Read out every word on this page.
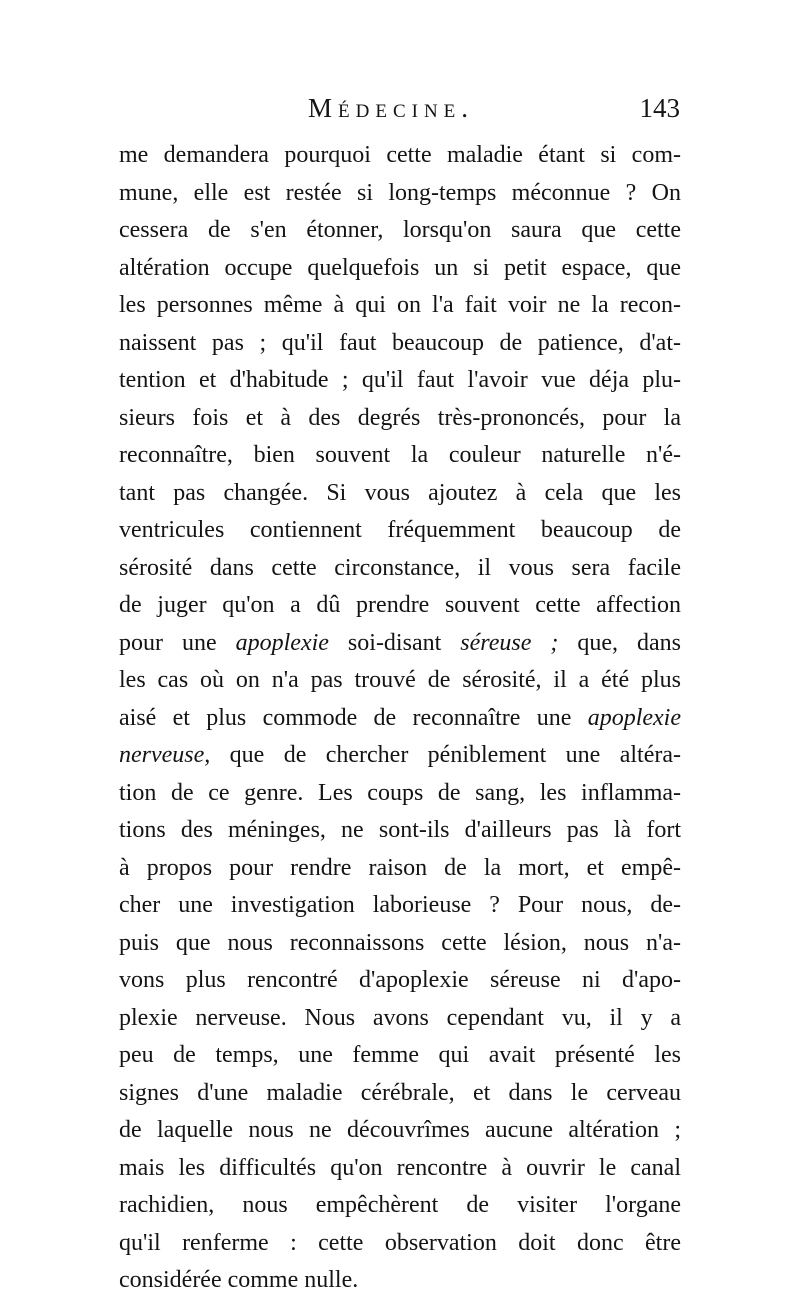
Médecine.	143
me demandera pourquoi cette maladie étant si com-
mune, elle est restée si long-temps méconnue ? On
cessera de s'en étonner, lorsqu'on saura que cette
altération occupe quelquefois un si petit espace, que
les personnes même à qui on l'a fait voir ne la recon-
naissent pas ; qu'il faut beaucoup de patience, d'at-
tention et d'habitude ; qu'il faut l'avoir vue déja plu-
sieurs fois et à des degrés très-prononcés, pour la
reconnaître, bien souvent la couleur naturelle n'é-
tant pas changée. Si vous ajoutez à cela que les
ventricules contiennent fréquemment beaucoup de
sérosité dans cette circonstance, il vous sera facile
de juger qu'on a dû prendre souvent cette affection
pour une apoplexie soi-disant séreuse ; que, dans
les cas où on n'a pas trouvé de sérosité, il a été plus
aisé et plus commode de reconnaître une apoplexie
nerveuse, que de chercher péniblement une altéra-
tion de ce genre. Les coups de sang, les inflamma-
tions des méninges, ne sont-ils d'ailleurs pas là fort
à propos pour rendre raison de la mort, et empê-
cher une investigation laborieuse ? Pour nous, de-
puis que nous reconnaissons cette lésion, nous n'a-
vons plus rencontré d'apoplexie séreuse ni d'apo-
plexie nerveuse. Nous avons cependant vu, il y a
peu de temps, une femme qui avait présenté les
signes d'une maladie cérébrale, et dans le cerveau
de laquelle nous ne découvrîmes aucune altération ;
mais les difficultés qu'on rencontre à ouvrir le canal
rachidien, nous empêchèrent de visiter l'organe
qu'il renferme : cette observation doit donc être
considérée comme nulle.
